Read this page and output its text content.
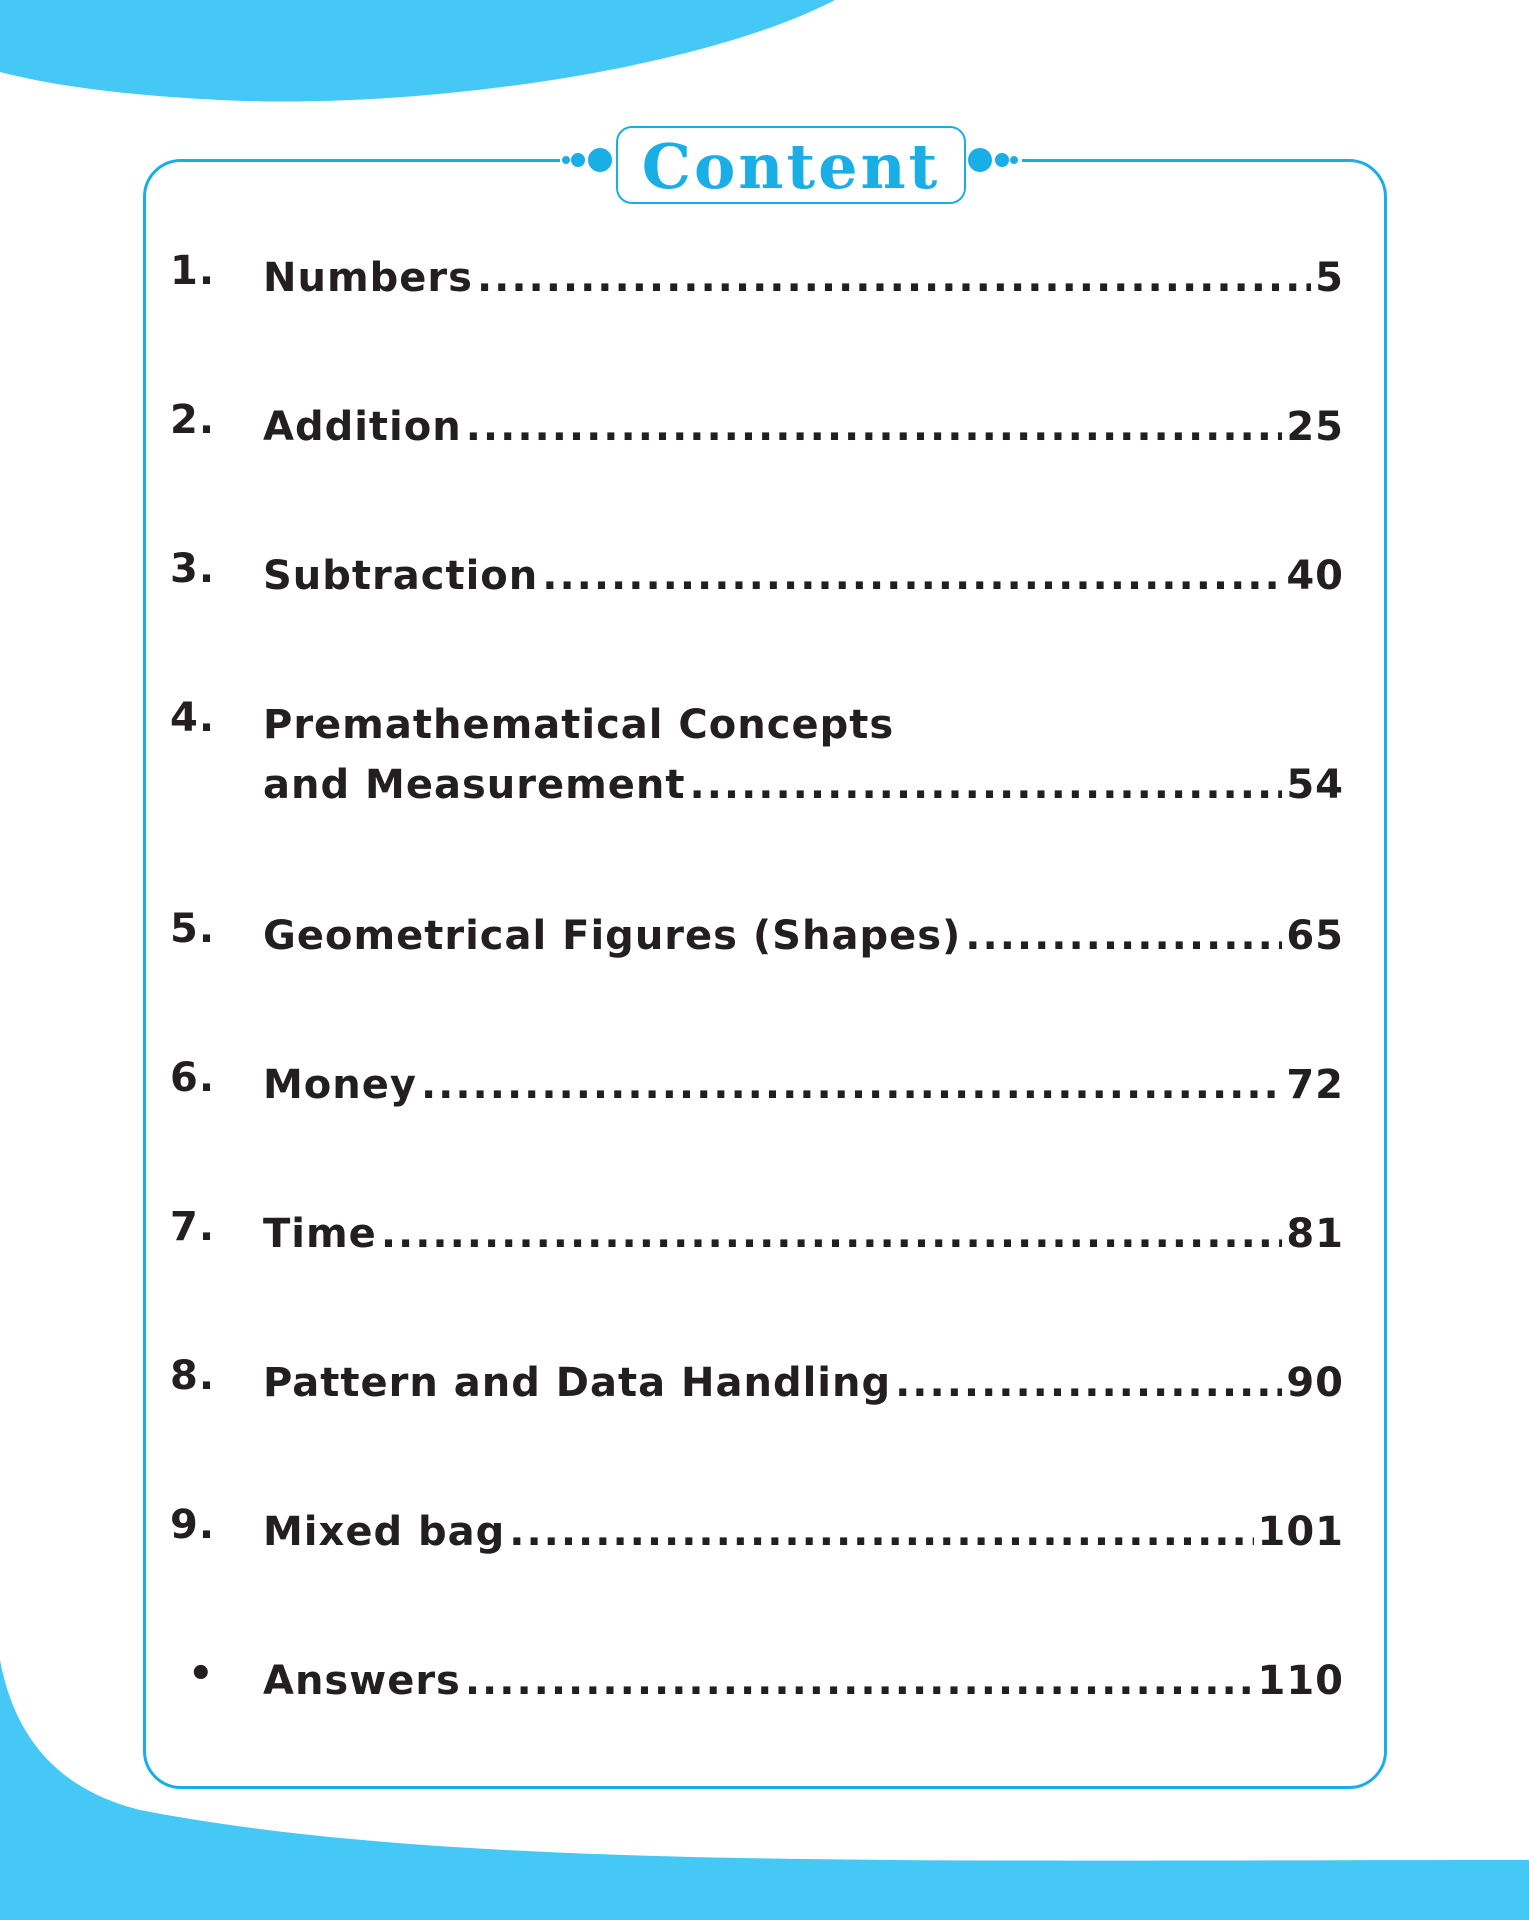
Content
1.	Numbers .....	5
2.	Addition .....	25
3.	Subtraction .....	40
4.	Premathematical Concepts
and Measurement .....	54
5.	Geometrical Figures (Shapes) .....	65
6.	Money .....	72
7.	Time .....	81
8.	Pattern and Data Handling .....	90
9.	Mixed bag .....	101
•	Answers .....	110
